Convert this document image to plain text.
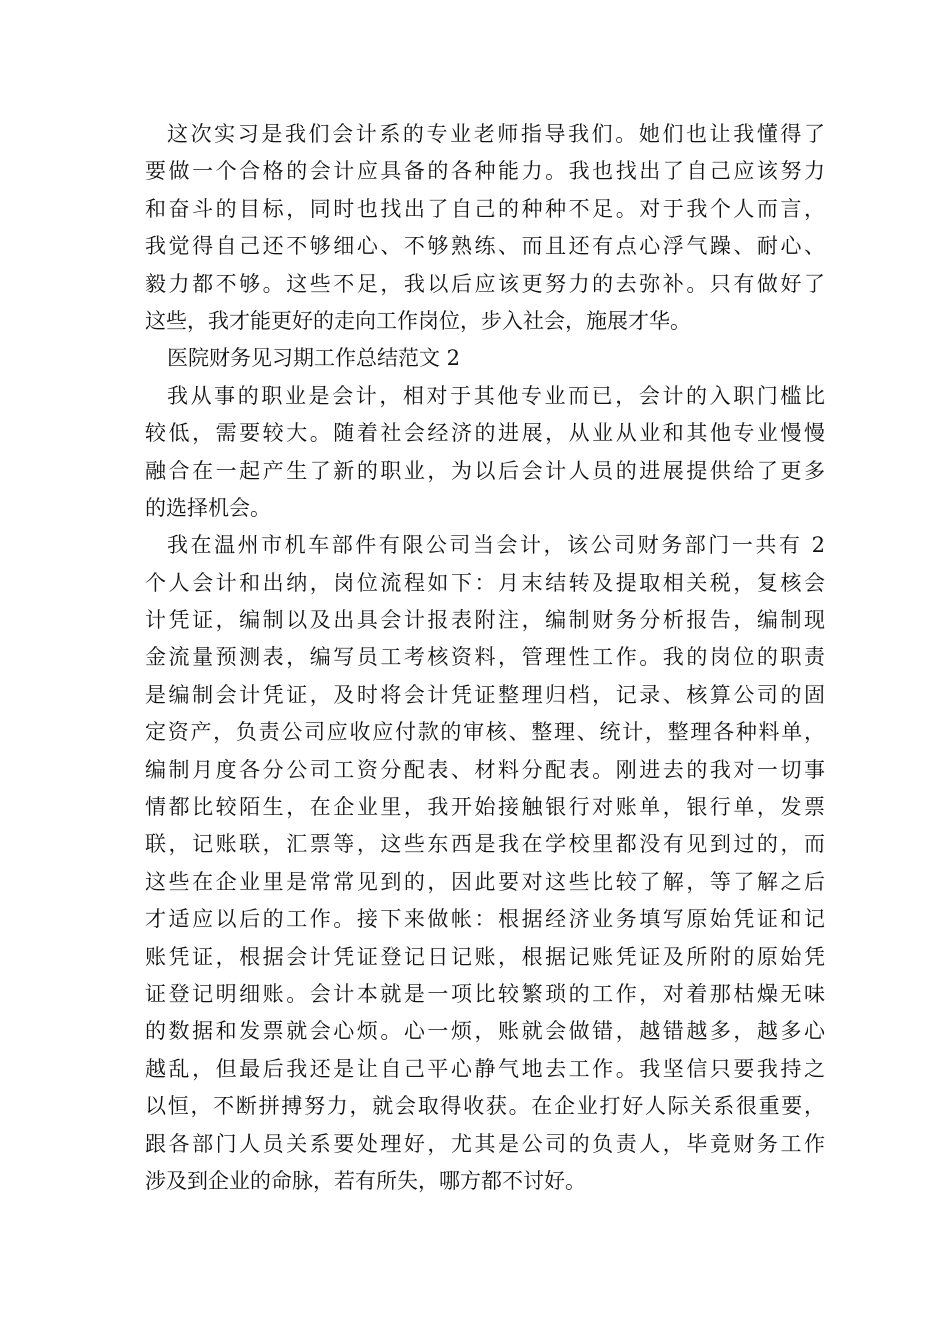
这次实习是我们会计系的专业老师指导我们。她们也让我懂得了
要做一个合格的会计应具备的各种能力。我也找出了自己应该努力
和奋斗的目标，同时也找出了自己的种种不足。对于我个人而言，
我觉得自己还不够细心、不够熟练、而且还有点心浮气躁、耐心、
毅力都不够。这些不足，我以后应该更努力的去弥补。只有做好了
这些，我才能更好的走向工作岗位，步入社会，施展才华。
医院财务见习期工作总结范文 2
我从事的职业是会计，相对于其他专业而已，会计的入职门槛比
较低，需要较大。随着社会经济的进展，从业从业和其他专业慢慢
融合在一起产生了新的职业，为以后会计人员的进展提供给了更多
的选择机会。
我在温州市机车部件有限公司当会计，该公司财务部门一共有 2
个人会计和出纳，岗位流程如下：月末结转及提取相关税，复核会
计凭证，编制以及出具会计报表附注，编制财务分析报告，编制现
金流量预测表，编写员工考核资料，管理性工作。我的岗位的职责
是编制会计凭证，及时将会计凭证整理归档，记录、核算公司的固
定资产，负责公司应收应付款的审核、整理、统计，整理各种料单，
编制月度各分公司工资分配表、材料分配表。刚进去的我对一切事
情都比较陌生，在企业里，我开始接触银行对账单，银行单，发票
联，记账联，汇票等，这些东西是我在学校里都没有见到过的，而
这些在企业里是常常见到的，因此要对这些比较了解，等了解之后
才适应以后的工作。接下来做帐：根据经济业务填写原始凭证和记
账凭证，根据会计凭证登记日记账，根据记账凭证及所附的原始凭
证登记明细账。会计本就是一项比较繁琐的工作，对着那枯燥无味
的数据和发票就会心烦。心一烦，账就会做错，越错越多，越多心
越乱，但最后我还是让自己平心静气地去工作。我坚信只要我持之
以恒，不断拼搏努力，就会取得收获。在企业打好人际关系很重要，
跟各部门人员关系要处理好，尤其是公司的负责人，毕竟财务工作
涉及到企业的命脉，若有所失，哪方都不讨好。
